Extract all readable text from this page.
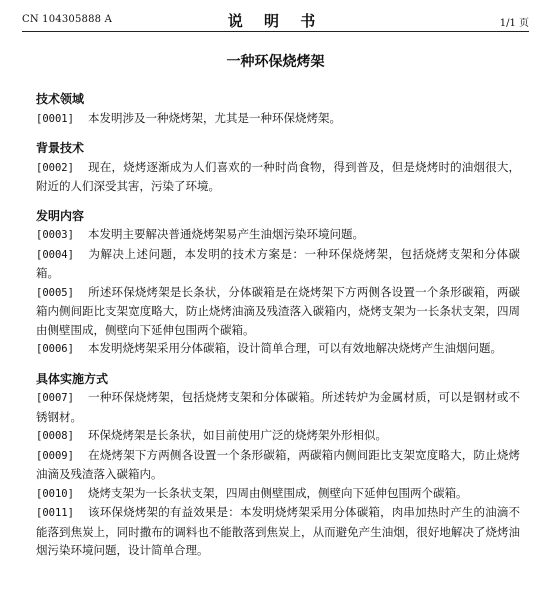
CN 104305888 A	说 明 书	1/1 页
一种环保烧烤架
技术领域
[0001] 本发明涉及一种烧烤架，尤其是一种环保烧烤架。
背景技术
[0002] 现在，烧烤逐渐成为人们喜欢的一种时尚食物，得到普及，但是烧烤时的油烟很大，附近的人们深受其害，污染了环境。
发明内容
[0003] 本发明主要解决普通烧烤架易产生油烟污染环境问题。
[0004] 为解决上述问题，本发明的技术方案是：一种环保烧烤架，包括烧烤支架和分体碳箱。
[0005] 所述环保烧烤架是长条状，分体碳箱是在烧烤架下方两侧各设置一个条形碳箱，两碳箱内侧间距比支架宽度略大，防止烧烤油滴及残渣落入碳箱内，烧烤支架为一长条状支架，四周由侧壁围成，侧壁向下延伸包围两个碳箱。
[0006] 本发明烧烤架采用分体碳箱，设计简单合理，可以有效地解决烧烤产生油烟问题。
具体实施方式
[0007] 一种环保烧烤架，包括烧烤支架和分体碳箱。所述转炉为金属材质，可以是钢材或不锈钢材。
[0008] 环保烧烤架是长条状，如目前使用广泛的烧烤架外形相似。
[0009] 在烧烤架下方两侧各设置一个条形碳箱，两碳箱内侧间距比支架宽度略大，防止烧烤油滴及残渣落入碳箱内。
[0010] 烧烤支架为一长条状支架，四周由侧壁围成，侧壁向下延伸包围两个碳箱。
[0011] 该环保烧烤架的有益效果是：本发明烧烤架采用分体碳箱，肉串加热时产生的油滴不能落到焦炭上，同时撒布的调料也不能散落到焦炭上，从而避免产生油烟，很好地解决了烧烤油烟污染环境问题，设计简单合理。
